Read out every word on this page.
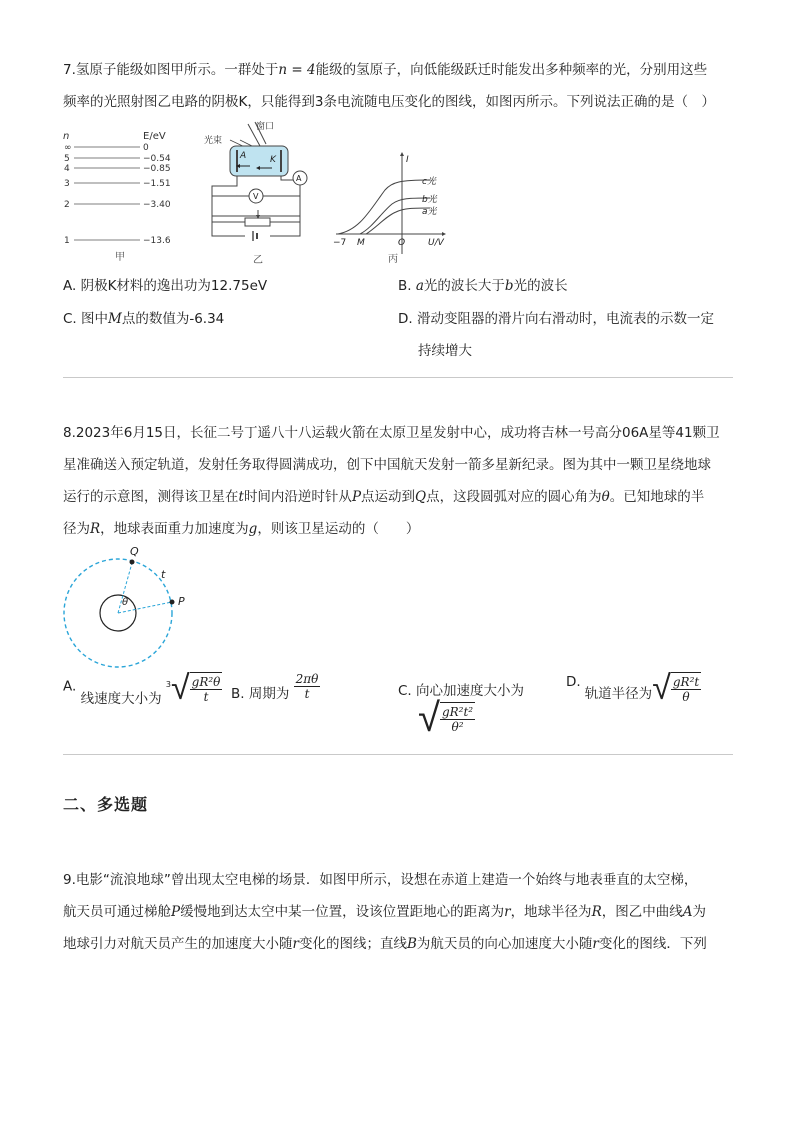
7.氢原子能级如图甲所示。一群处于n = 4能级的氢原子，向低能级跃迁时能发出多种频率的光，分别用这些
频率的光照射图乙电路的阴极K，只能得到3条电流随电压变化的图线，如图丙所示。下列说法正确的是（　）
n	E/eV
∞	0
5	−0.54
4	−0.85
3	−1.51
2	−3.40
1	−13.6
甲
窗口
光束
A	K
A
V
乙
I
U/V
O
M
−7
c光
b光
a光
丙
A. 阴极K材料的逸出功为12.75eV	B. a光的波长大于b光的波长
C. 图中M点的数值为-6.34	D. 滑动变阻器的滑片向右滑动时，电流表的示数一定
持续增大
8.2023年6月15日，长征二号丁遥八十八运载火箭在太原卫星发射中心，成功将吉林一号高分06A星等41颗卫
星准确送入预定轨道，发射任务取得圆满成功，创下中国航天发射一箭多星新纪录。图为其中一颗卫星绕地球
运行的示意图，测得该卫星在t时间内沿逆时针从P点运动到Q点，这段圆弧对应的圆心角为θ。已知地球的半
径为R，地球表面重力加速度为g，则该卫星运动的（　　）
Q
P
t
θ
A. 线速度大小为
3 √ $\frac{\text{gR²θ}}{t} B$. 周期为 $\frac{2\pi\theta}{t}$	C. 向心加速度大小为
√ $\frac{\text{gR²t²}}{\text{θ²}}$
D.
轨道半径为 √ $\frac{\text{gR²t}}{\theta}$
二、多选题
9.电影“流浪地球”曾出现太空电梯的场景．如图甲所示，设想在赤道上建造一个始终与地表垂直的太空梯，
航天员可通过梯舱P缓慢地到达太空中某一位置，设该位置距地心的距离为r，地球半径为R，图乙中曲线A为
地球引力对航天员产生的加速度大小随r变化的图线；直线B为航天员的向心加速度大小随r变化的图线．下列
